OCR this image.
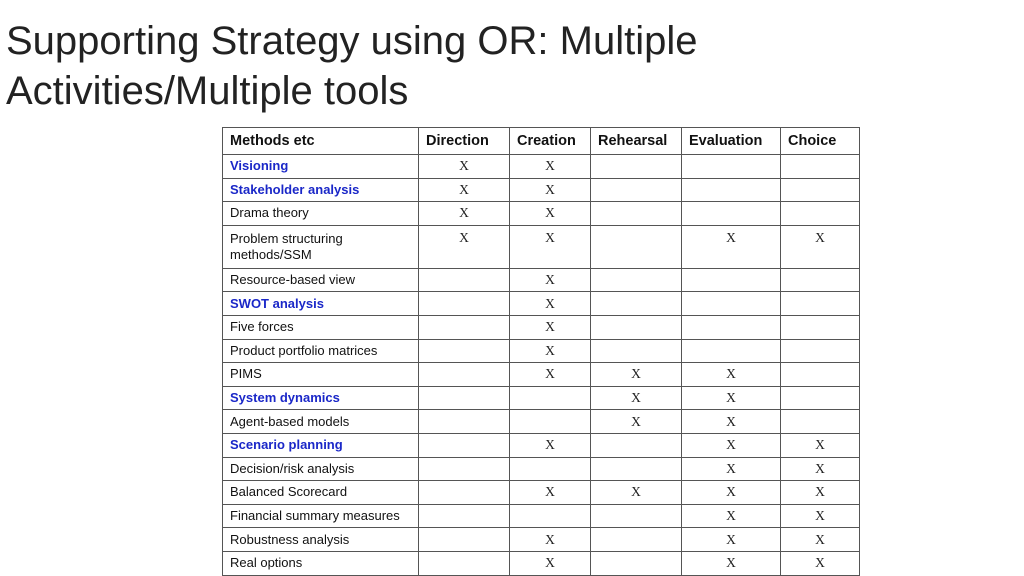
Supporting Strategy using OR: Multiple
Activities/Multiple tools
Methods etc	Direction	Creation	Rehearsal	Evaluation	Choice
Visioning	X	X			
Stakeholder analysis	X	X			
Drama theory	X	X			
Problem structuring methods/SSM	X	X		X	X
Resource-based view		X			
SWOT analysis		X			
Five forces		X			
Product portfolio matrices		X			
PIMS		X	X	X	
System dynamics			X	X	
Agent-based models			X	X	
Scenario planning		X		X	X
Decision/risk analysis				X	X
Balanced Scorecard		X	X	X	X
Financial summary measures				X	X
Robustness analysis		X		X	X
Real options		X		X	X
